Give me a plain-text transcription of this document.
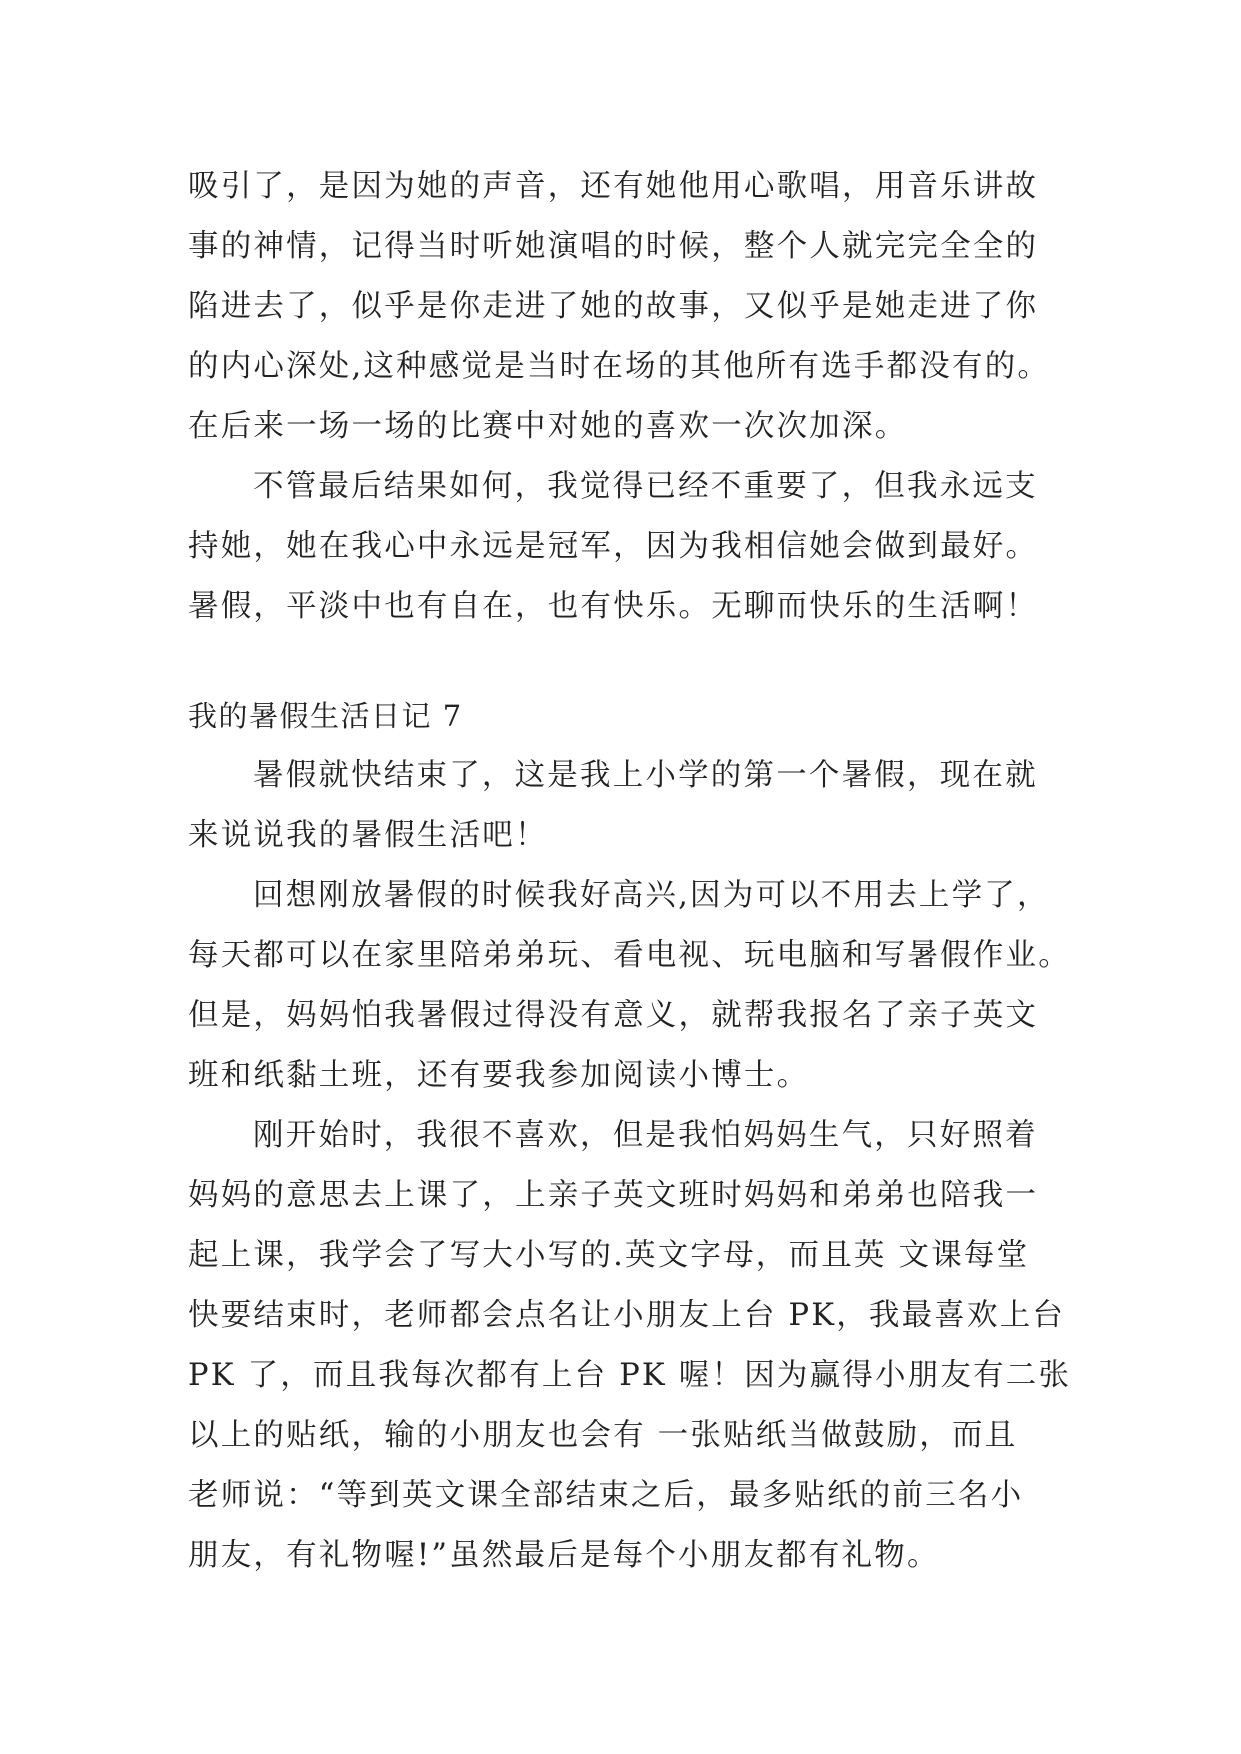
吸引了，是因为她的声音，还有她他用心歌唱，用音乐讲故
事的神情，记得当时听她演唱的时候，整个人就完完全全的
陷进去了，似乎是你走进了她的故事，又似乎是她走进了你
的内心深处,这种感觉是当时在场的其他所有选手都没有的。
在后来一场一场的比赛中对她的喜欢一次次加深。
不管最后结果如何，我觉得已经不重要了，但我永远支
持她，她在我心中永远是冠军，因为我相信她会做到最好。
暑假，平淡中也有自在，也有快乐。无聊而快乐的生活啊！
我的暑假生活日记 7
暑假就快结束了，这是我上小学的第一个暑假，现在就
来说说我的暑假生活吧！
回想刚放暑假的时候我好高兴,因为可以不用去上学了，
每天都可以在家里陪弟弟玩、看电视、玩电脑和写暑假作业。
但是，妈妈怕我暑假过得没有意义，就帮我报名了亲子英文
班和纸黏土班，还有要我参加阅读小博士。
刚开始时，我很不喜欢，但是我怕妈妈生气，只好照着
妈妈的意思去上课了，上亲子英文班时妈妈和弟弟也陪我一
起上课，我学会了写大小写的.英文字母，而且英 文课每堂
快要结束时，老师都会点名让小朋友上台 PK，我最喜欢上台
PK 了，而且我每次都有上台 PK 喔！因为赢得小朋友有二张
以上的贴纸，输的小朋友也会有 一张贴纸当做鼓励，而且
老师说：“等到英文课全部结束之后，最多贴纸的前三名小
朋友，有礼物喔!”虽然最后是每个小朋友都有礼物。
